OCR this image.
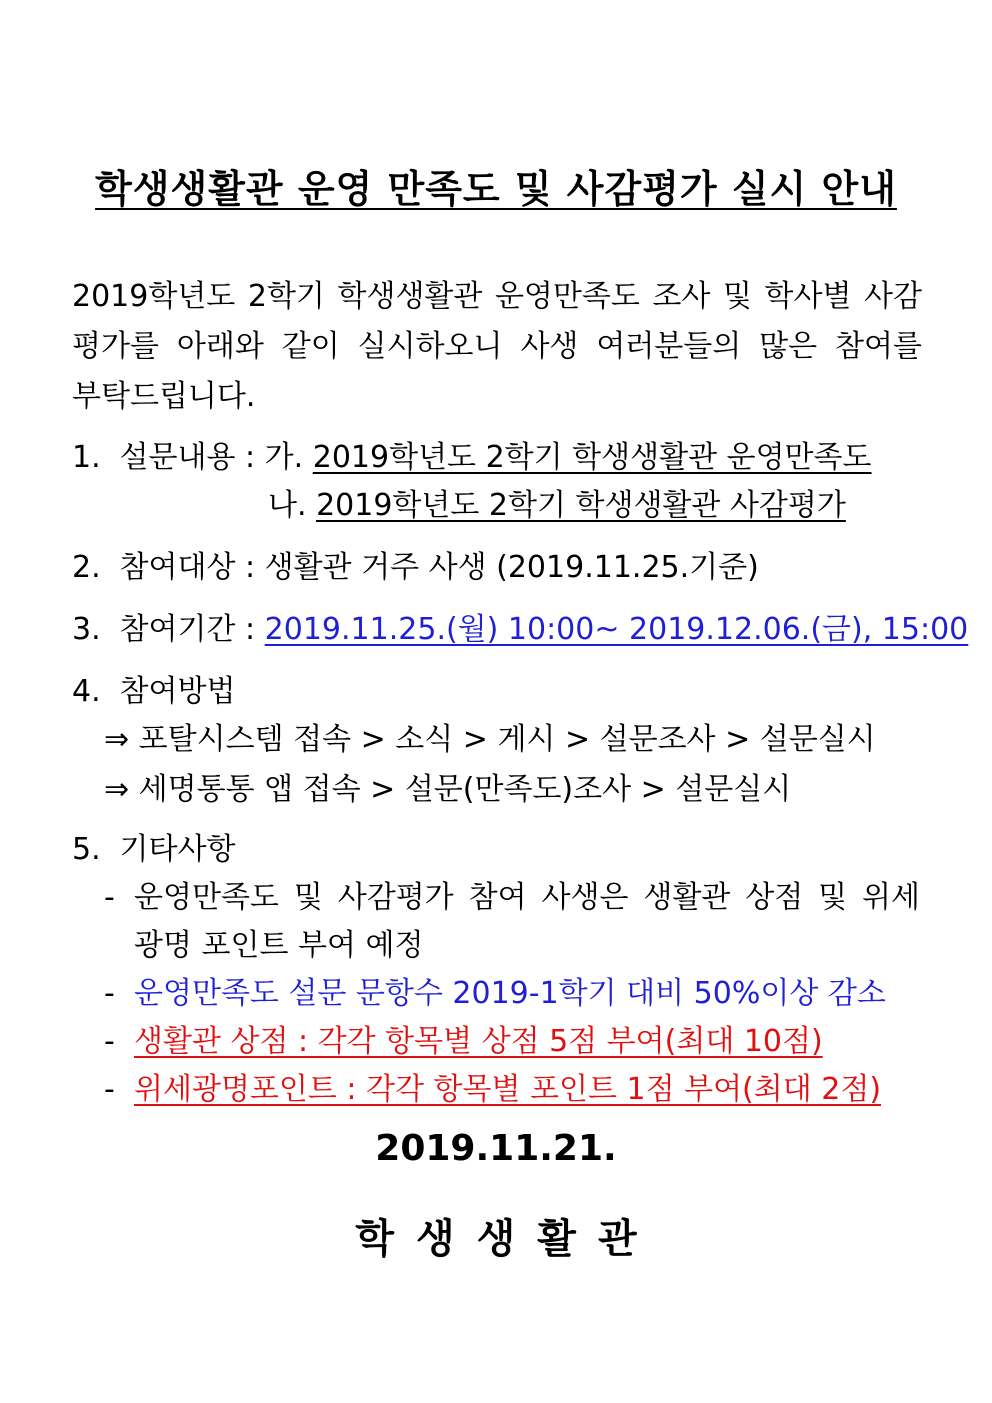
학생생활관 운영 만족도 및 사감평가 실시 안내
2019학년도 2학기 학생생활관 운영만족도 조사 및 학사별 사감
평가를 아래와 같이 실시하오니 사생 여러분들의 많은 참여를
부탁드립니다.
1. 설문내용 : 가. 2019학년도 2학기 학생생활관 운영만족도
나. 2019학년도 2학기 학생생활관 사감평가
2. 참여대상 : 생활관 거주 사생 (2019.11.25.기준)
3. 참여기간 : 2019.11.25.(월) 10:00~ 2019.12.06.(금), 15:00
4. 참여방법
⇒ 포탈시스템 접속 > 소식 > 게시 > 설문조사 > 설문실시
⇒ 세명통통 앱 접속 > 설문(만족도)조사 > 설문실시
5. 기타사항
- 운영만족도 및 사감평가 참여 사생은 생활관 상점 및 위세
광명 포인트 부여 예정
- 운영만족도 설문 문항수 2019-1학기 대비 50%이상 감소
- 생활관 상점 : 각각 항목별 상점 5점 부여(최대 10점)
- 위세광명포인트 : 각각 항목별 포인트 1점 부여(최대 2점)
2019.11.21.
학생생활관
